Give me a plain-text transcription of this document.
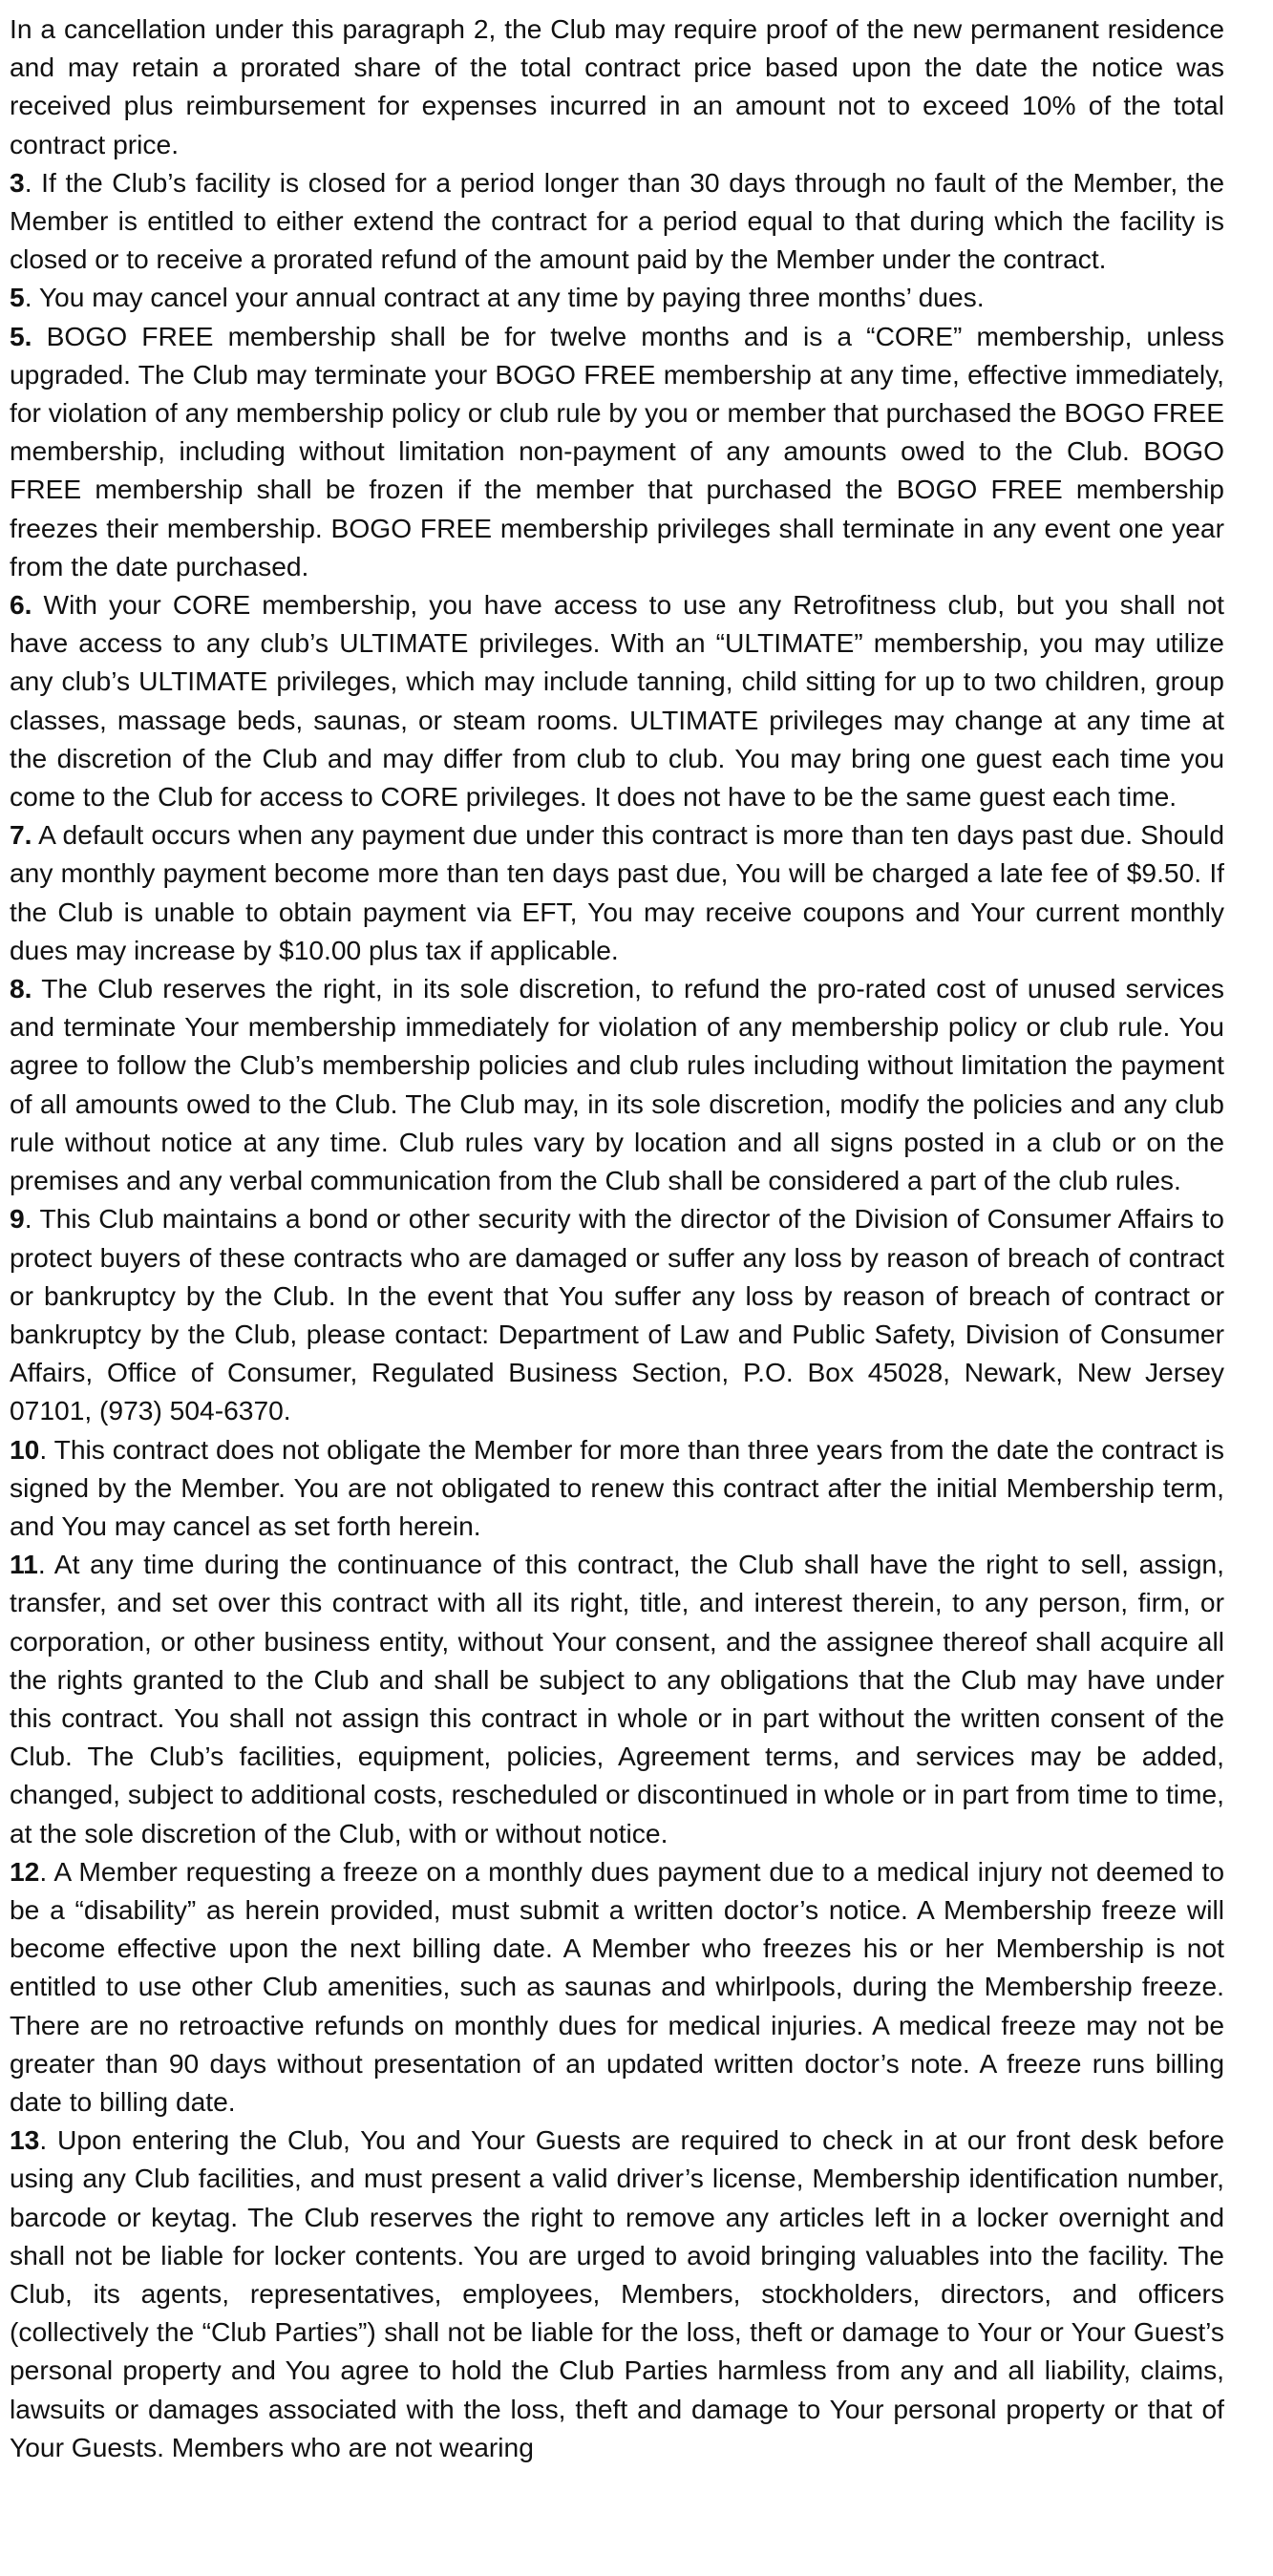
In a cancellation under this paragraph 2, the Club may require proof of the new permanent residence and may retain a prorated share of the total contract price based upon the date the notice was received plus reimbursement for expenses incurred in an amount not to exceed 10% of the total contract price.

3. If the Club’s facility is closed for a period longer than 30 days through no fault of the Member, the Member is entitled to either extend the contract for a period equal to that during which the facility is closed or to receive a prorated refund of the amount paid by the Member under the contract.

5. You may cancel your annual contract at any time by paying three months’ dues.

5. BOGO FREE membership shall be for twelve months and is a “CORE” membership, unless upgraded. The Club may terminate your BOGO FREE membership at any time, effective immediately, for violation of any membership policy or club rule by you or member that purchased the BOGO FREE membership, including without limitation non-payment of any amounts owed to the Club. BOGO FREE membership shall be frozen if the member that purchased the BOGO FREE membership freezes their membership. BOGO FREE membership privileges shall terminate in any event one year from the date purchased.

6. With your CORE membership, you have access to use any Retrofitness club, but you shall not have access to any club’s ULTIMATE privileges. With an “ULTIMATE” membership, you may utilize any club’s ULTIMATE privileges, which may include tanning, child sitting for up to two children, group classes, massage beds, saunas, or steam rooms. ULTIMATE privileges may change at any time at the discretion of the Club and may differ from club to club. You may bring one guest each time you come to the Club for access to CORE privileges. It does not have to be the same guest each time.

7. A default occurs when any payment due under this contract is more than ten days past due. Should any monthly payment become more than ten days past due, You will be charged a late fee of $9.50. If the Club is unable to obtain payment via EFT, You may receive coupons and Your current monthly dues may increase by $10.00 plus tax if applicable.

8. The Club reserves the right, in its sole discretion, to refund the pro-rated cost of unused services and terminate Your membership immediately for violation of any membership policy or club rule. You agree to follow the Club’s membership policies and club rules including without limitation the payment of all amounts owed to the Club. The Club may, in its sole discretion, modify the policies and any club rule without notice at any time. Club rules vary by location and all signs posted in a club or on the premises and any verbal communication from the Club shall be considered a part of the club rules.

9. This Club maintains a bond or other security with the director of the Division of Consumer Affairs to protect buyers of these contracts who are damaged or suffer any loss by reason of breach of contract or bankruptcy by the Club. In the event that You suffer any loss by reason of breach of contract or bankruptcy by the Club, please contact: Department of Law and Public Safety, Division of Consumer Affairs, Office of Consumer, Regulated Business Section, P.O. Box 45028, Newark, New Jersey 07101, (973) 504-6370.

10. This contract does not obligate the Member for more than three years from the date the contract is signed by the Member. You are not obligated to renew this contract after the initial Membership term, and You may cancel as set forth herein.

11. At any time during the continuance of this contract, the Club shall have the right to sell, assign, transfer, and set over this contract with all its right, title, and interest therein, to any person, firm, or corporation, or other business entity, without Your consent, and the assignee thereof shall acquire all the rights granted to the Club and shall be subject to any obligations that the Club may have under this contract. You shall not assign this contract in whole or in part without the written consent of the Club. The Club’s facilities, equipment, policies, Agreement terms, and services may be added, changed, subject to additional costs, rescheduled or discontinued in whole or in part from time to time, at the sole discretion of the Club, with or without notice.

12. A Member requesting a freeze on a monthly dues payment due to a medical injury not deemed to be a “disability” as herein provided, must submit a written doctor’s notice. A Membership freeze will become effective upon the next billing date. A Member who freezes his or her Membership is not entitled to use other Club amenities, such as saunas and whirlpools, during the Membership freeze. There are no retroactive refunds on monthly dues for medical injuries. A medical freeze may not be greater than 90 days without presentation of an updated written doctor’s note. A freeze runs billing date to billing date.

13. Upon entering the Club, You and Your Guests are required to check in at our front desk before using any Club facilities, and must present a valid driver’s license, Membership identification number, barcode or keytag. The Club reserves the right to remove any articles left in a locker overnight and shall not be liable for locker contents. You are urged to avoid bringing valuables into the facility. The Club, its agents, representatives, employees, Members, stockholders, directors, and officers (collectively the “Club Parties”) shall not be liable for the loss, theft or damage to Your or Your Guest’s personal property and You agree to hold the Club Parties harmless from any and all liability, claims, lawsuits or damages associated with the loss, theft and damage to Your personal property or that of Your Guests. Members who are not wearing
